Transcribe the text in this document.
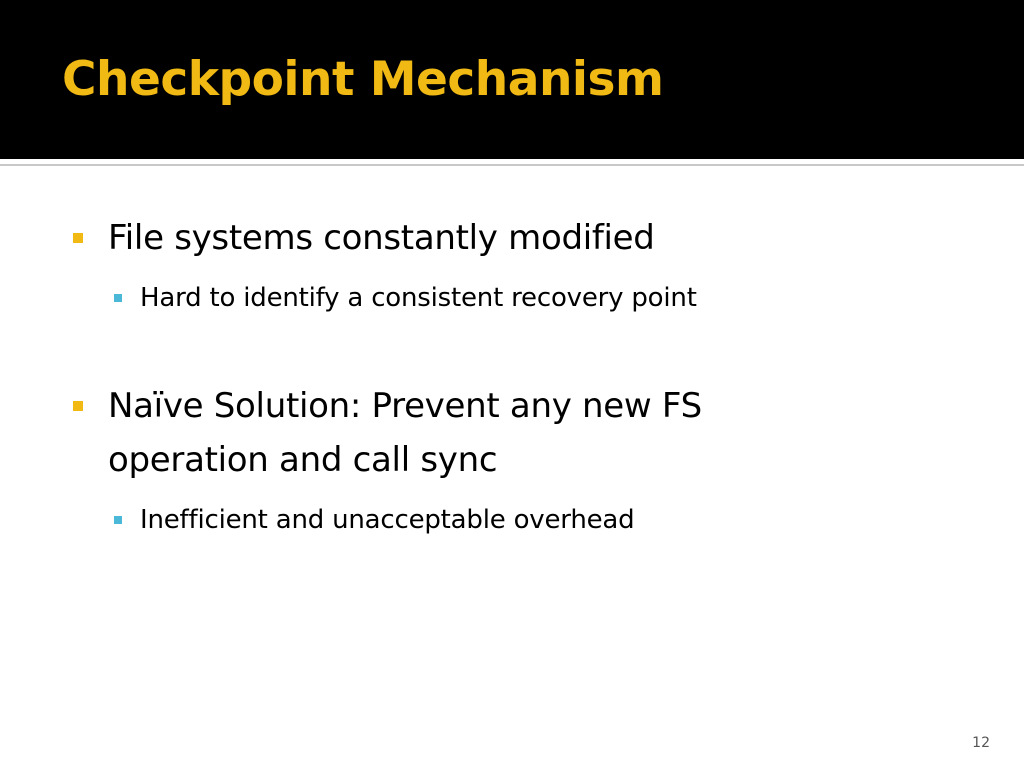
Checkpoint Mechanism
File systems constantly modified
Hard to identify a consistent recovery point
Naïve Solution: Prevent any new FS operation and call sync
Inefficient and unacceptable overhead
12
